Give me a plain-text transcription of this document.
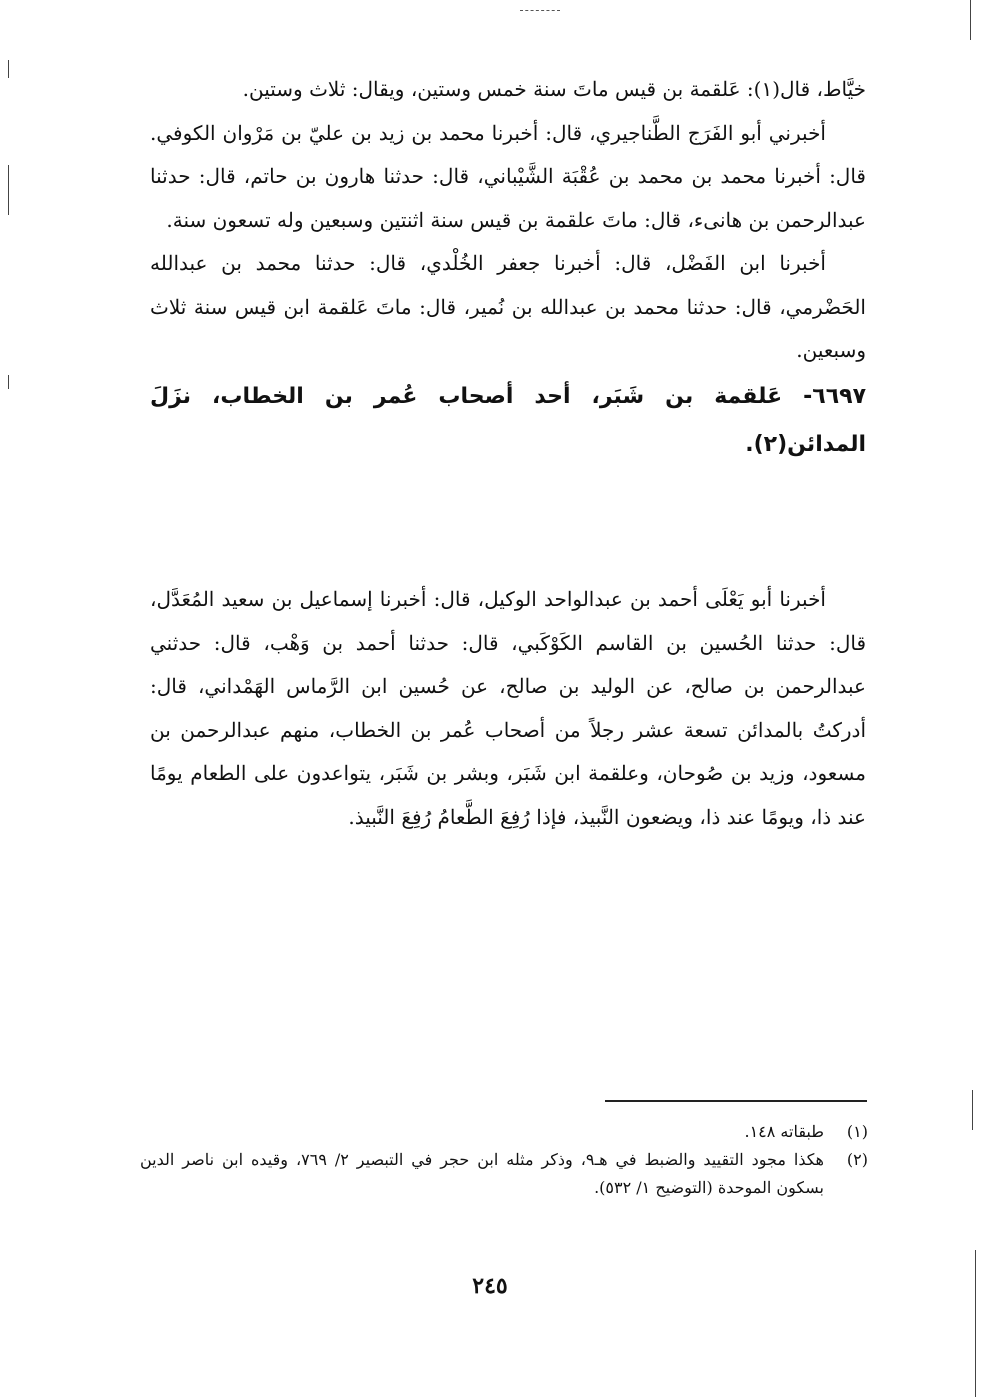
خيَّاط، قال(١): عَلقمة بن قيس ماتَ سنة خمس وستين، ويقال: ثلاث وستين.

أخبرني أبو الفَرَج الطَّناجيري، قال: أخبرنا محمد بن زيد بن عليّ بن مَرْوان الكوفي. قال: أخبرنا محمد بن محمد بن عُقْبَة الشَّيْباني، قال: حدثنا هارون بن حاتم، قال: حدثنا عبدالرحمن بن هانىء، قال: ماتَ علقمة بن قيس سنة اثنتين وسبعين وله تسعون سنة.

أخبرنا ابن الفَضْل، قال: أخبرنا جعفر الخُلْدي، قال: حدثنا محمد بن عبدالله الحَضْرمي، قال: حدثنا محمد بن عبدالله بن نُمير، قال: ماتَ عَلقمة ابن قيس سنة ثلاث وسبعين.

٦٦٩٧- عَلقمة بن شَبَر، أحد أصحاب عُمر بن الخطاب، نزَلَ المدائن(٢).

أخبرنا أبو يَعْلَى أحمد بن عبدالواحد الوكيل، قال: أخبرنا إسماعيل بن سعيد المُعَدَّل، قال: حدثنا الحُسين بن القاسم الكَوْكَبي، قال: حدثنا أحمد بن وَهْب، قال: حدثني عبدالرحمن بن صالح، عن الوليد بن صالح، عن حُسين ابن الرَّماس الهَمْداني، قال: أدركتُ بالمدائن تسعة عشر رجلاً من أصحاب عُمر بن الخطاب، منهم عبدالرحمن بن مسعود، وزيد بن صُوحان، وعلقمة ابن شَبَر، وبشر بن شَبَر، يتواعدون على الطعام يومًا عند ذا، ويومًا عند ذا، ويضعون النَّبيذ، فإذا رُفِعَ الطَّعامُ رُفِعَ النَّبيذ.

(١)
طبقاته ١٤٨.
(٢)
هكذا مجود التقييد والضبط في هـ٩، وذكر مثله ابن حجر في التبصير ٢/ ٧٦٩، وقيده ابن ناصر الدين بسكون الموحدة (التوضيح ١/ ٥٣٢).
٢٤٥
